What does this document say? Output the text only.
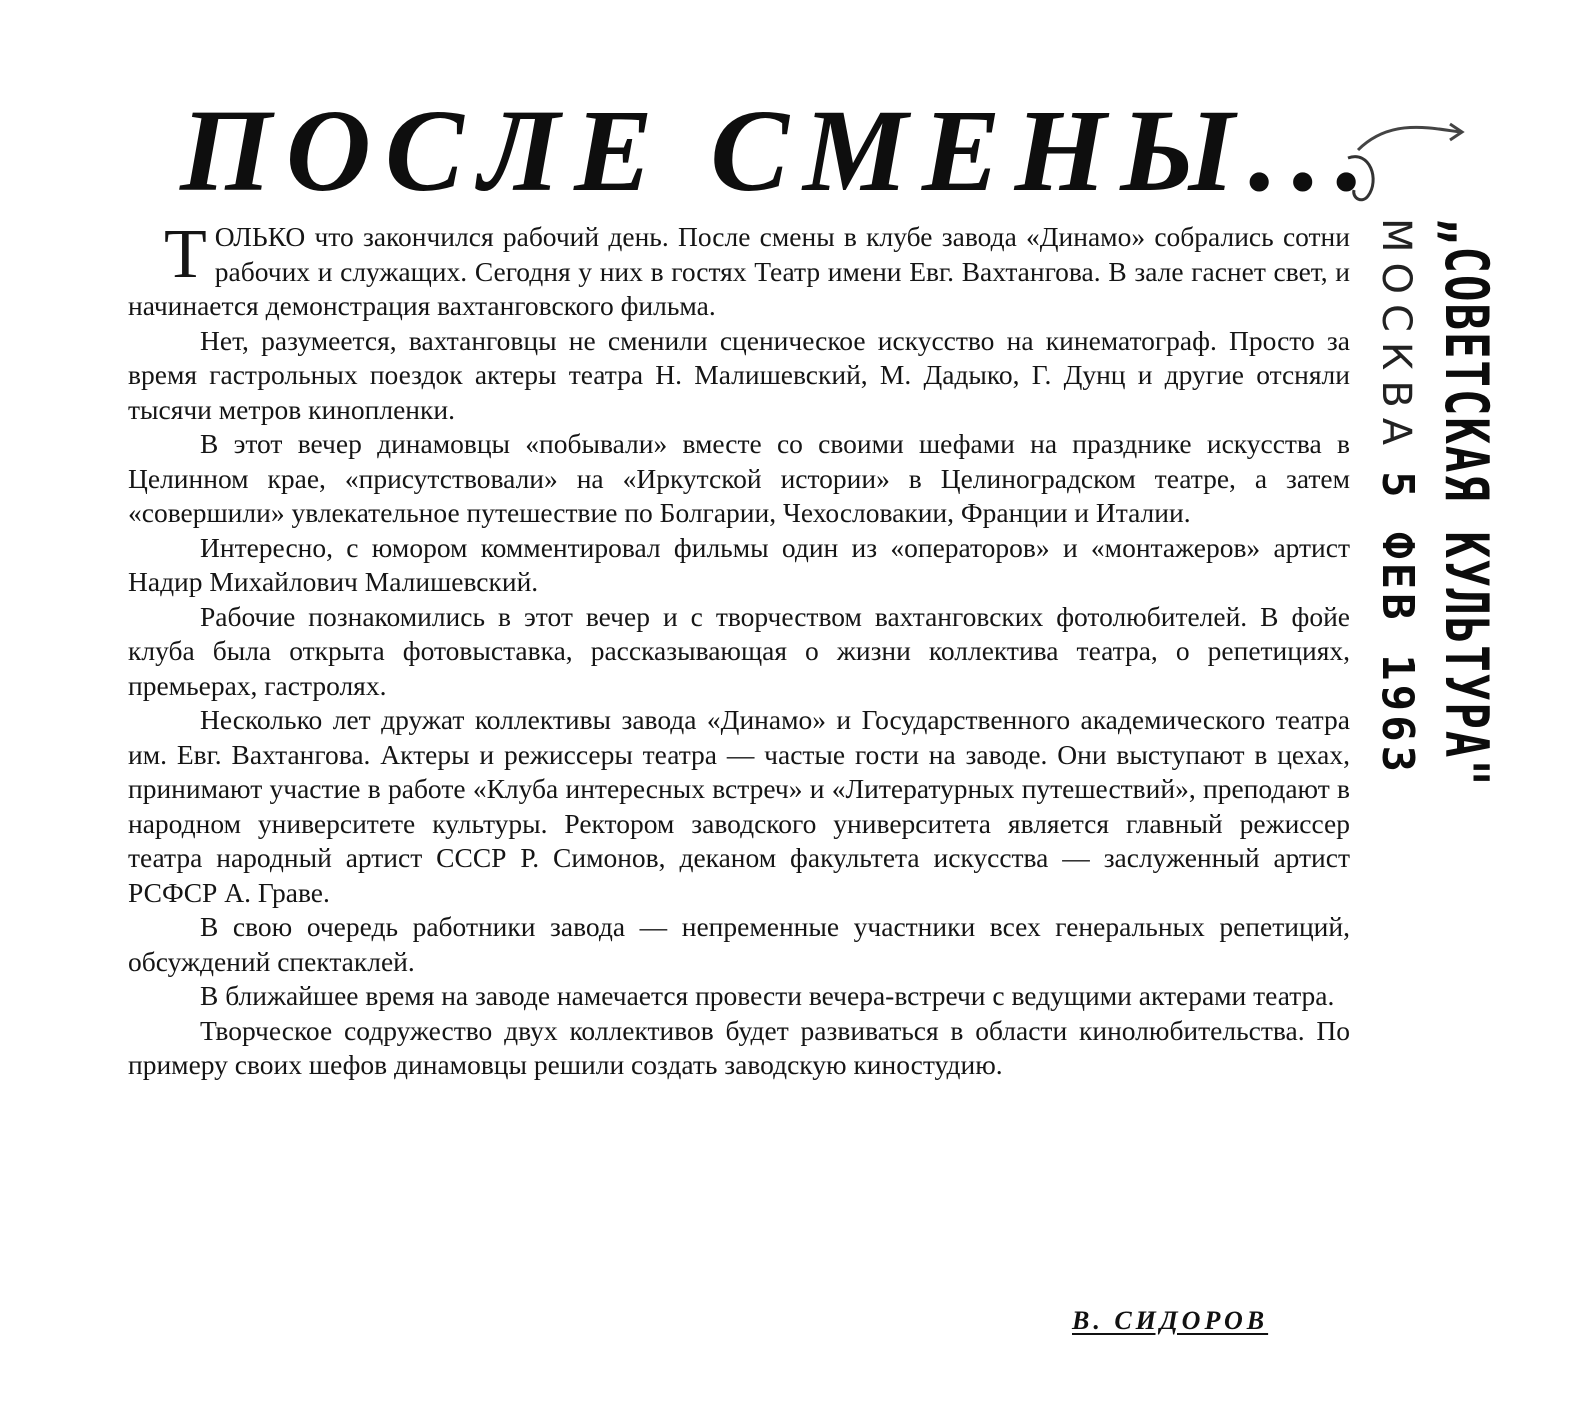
ПОСЛЕ СМЕНЫ...

ТОЛЬКО что закончился рабочий день. После смены в клубе завода «Динамо» собрались сотни рабочих и служащих. Сегодня у них в гостях Театр имени Евг. Вахтангова. В зале гаснет свет, и начинается демонстрация вахтанговского фильма.

Нет, разумеется, вахтанговцы не сменили сценическое искусство на кинематограф. Просто за время гастрольных поездок актеры театра Н. Малишевский, М. Дадыко, Г. Дунц и другие отсняли тысячи метров кинопленки.

В этот вечер динамовцы «побывали» вместе со своими шефами на празднике искусства в Целинном крае, «присутствовали» на «Иркутской истории» в Целиноградском театре, а затем «совершили» увлекательное путешествие по Болгарии, Чехословакии, Франции и Италии.

Интересно, с юмором комментировал фильмы один из «операторов» и «монтажеров» артист Надир Михайлович Малишевский.

Рабочие познакомились в этот вечер и с творчеством вахтанговских фотолюбителей. В фойе клуба была открыта фотовыставка, рассказывающая о жизни коллектива театра, о репетициях, премьерах, гастролях.

Несколько лет дружат коллективы завода «Динамо» и Государственного академического театра им. Евг. Вахтангова. Актеры и режиссеры театра — частые гости на заводе. Они выступают в цехах, принимают участие в работе «Клуба интересных встреч» и «Литературных путешествий», преподают в народном университете культуры. Ректором заводского университета является главный режиссер театра народный артист СССР Р. Симонов, деканом факультета искусства — заслуженный артист РСФСР А. Граве.

В свою очередь работники завода — непременные участники всех генеральных репетиций, обсуждений спектаклей.

В ближайшее время на заводе намечается провести вечера-встречи с ведущими актерами театра.

Творческое содружество двух коллективов будет развиваться в области кинолюбительства. По примеру своих шефов динамовцы решили создать заводскую киностудию.

В. СИДОРОВ
„СОВЕТСКАЯ КУЛЬТУРА"
МОСКВА    5 ФЕВ 1963
